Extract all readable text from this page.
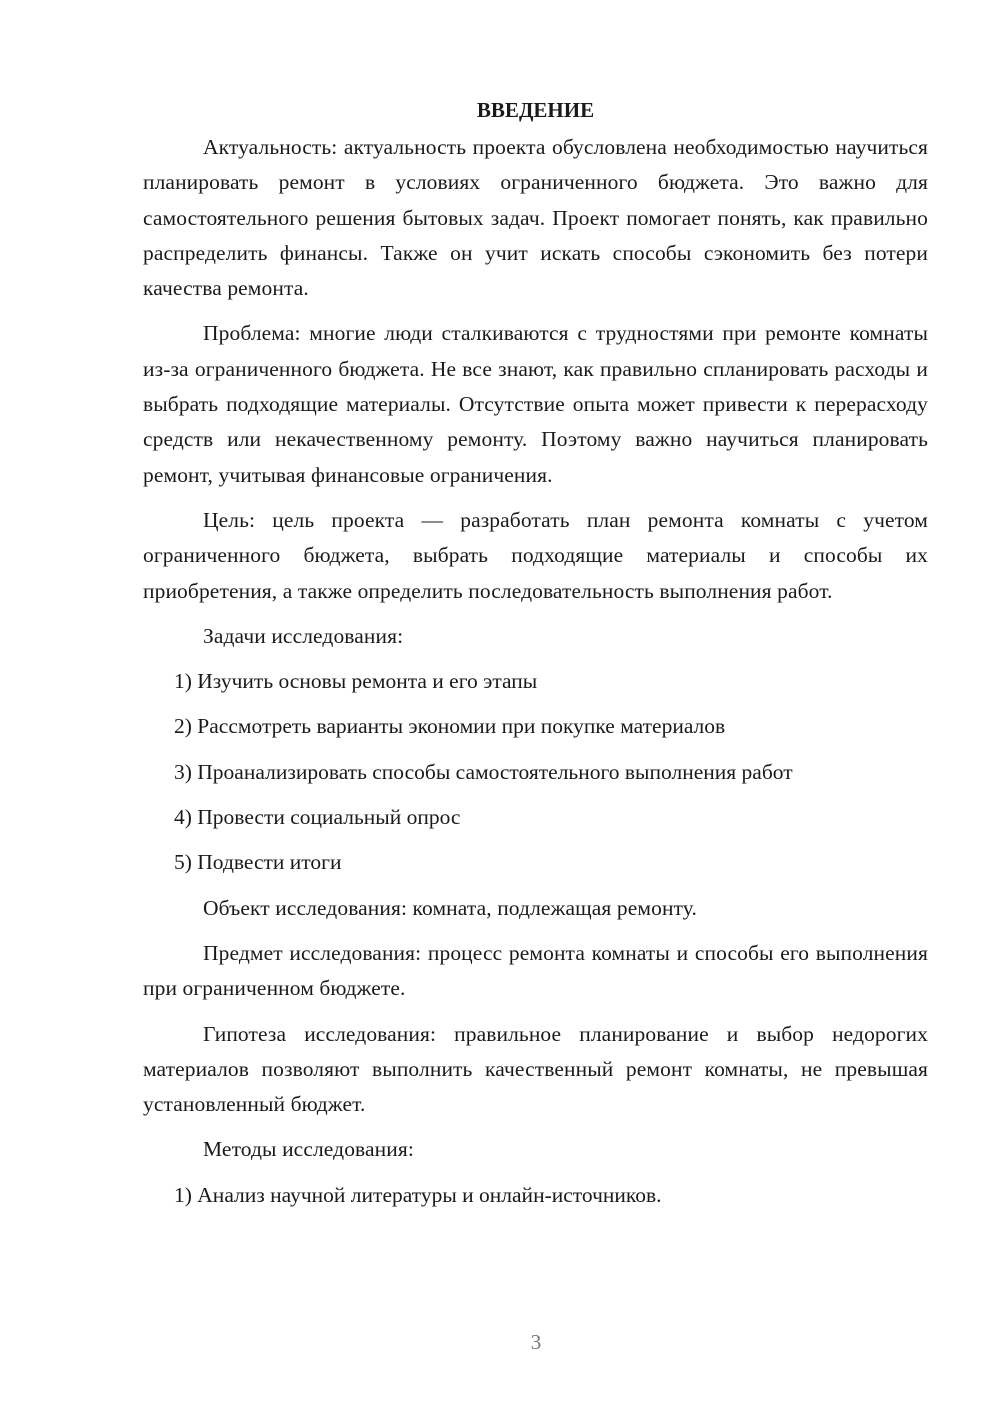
ВВЕДЕНИЕ

Актуальность: актуальность проекта обусловлена необходимостью научиться планировать ремонт в условиях ограниченного бюджета. Это важно для самостоятельного решения бытовых задач. Проект помогает понять, как правильно распределить финансы. Также он учит искать способы сэкономить без потери качества ремонта.

Проблема: многие люди сталкиваются с трудностями при ремонте комнаты из-за ограниченного бюджета. Не все знают, как правильно спланировать расходы и выбрать подходящие материалы. Отсутствие опыта может привести к перерасходу средств или некачественному ремонту. Поэтому важно научиться планировать ремонт, учитывая финансовые ограничения.

Цель: цель проекта — разработать план ремонта комнаты с учетом ограниченного бюджета, выбрать подходящие материалы и способы их приобретения, а также определить последовательность выполнения работ.

Задачи исследования:

1) Изучить основы ремонта и его этапы

2) Рассмотреть варианты экономии при покупке материалов

3) Проанализировать способы самостоятельного выполнения работ

4) Провести социальный опрос

5) Подвести итоги

Объект исследования: комната, подлежащая ремонту.

Предмет исследования: процесс ремонта комнаты и способы его выполнения при ограниченном бюджете.

Гипотеза исследования: правильное планирование и выбор недорогих материалов позволяют выполнить качественный ремонт комнаты, не превышая установленный бюджет.

Методы исследования:

1) Анализ научной литературы и онлайн-источников.

3
